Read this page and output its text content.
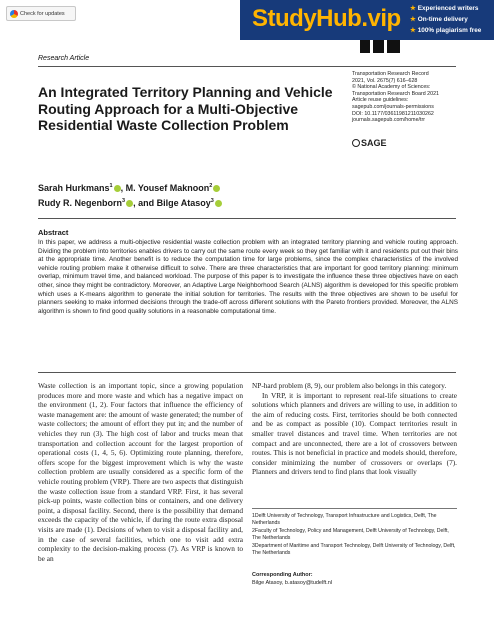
Check for updates	StudyHub.vip ★ Experienced writers
★ On-time delivery
★ 100% plagiarism free
Research Article
An Integrated Territory Planning and Vehicle Routing Approach for a Multi-Objective Residential Waste Collection Problem
Transportation Research Record
2021, Vol. 2675(7) 616–628
© National Academy of Sciences:
Transportation Research Board 2021
Article reuse guidelines:
sagepub.com/journals-permissions
DOI: 10.1177/03611981211030262
journals.sagepub.com/home/trr
SAGE
Sarah Hurkmans$^1$ , M. Yousef Maknoon$^2$
Rudy R. Negenborn$^3$ , and Bilge Atasoy$^3$
Abstract
In this paper, we address a multi-objective residential waste collection problem with an integrated territory planning and vehicle routing approach. Dividing the problem into territories enables drivers to carry out the same route every week so they get familiar with it and residents put out their bins at the appropriate time. Another benefit is to reduce the computation time for large problems, since the complex characteristics of the involved vehicle routing problem make it otherwise difficult to solve. There are three characteristics that are important for good territory planning: minimum overlap, minimum travel time, and balanced workload. The purpose of this paper is to investigate the influence these three objectives have on each other, since they might be contradictory. Moreover, an Adaptive Large Neighborhood Search (ALNS) algorithm is developed for this specific problem which uses a K-means algorithm to generate the initial solution for territories. The results with the three objectives are shown to be useful for planners seeking to make informed decisions through the trade-off across different solutions with the Pareto frontiers provided. Moreover, the ALNS algorithm is shown to find good quality solutions in a reasonable computational time.

Waste collection is an important topic, since a growing population produces more and more waste and which has a negative impact on the environment (1, 2). Four factors that influence the efficiency of waste management are: the amount of waste generated; the number of waste collectors; the amount of effort they put in; and the number of vehicles they run (3). The high cost of labor and trucks mean that transportation and collection account for the largest proportion of operational costs (1, 4, 5, 6). Optimizing route planning, therefore, offers scope for the biggest improvement which is why the waste collection problem are usually considered as a specific form of the vehicle routing problem (VRP). There are two aspects that distinguish the waste collection issue from a standard VRP. First, it has several pick-up points, waste collection bins or containers, and one delivery point, a disposal facility. Second, there is the possibility that demand exceeds the capacity of the vehicle, if during the route extra disposal visits are made (1). Decisions of when to visit a disposal facility and, in the case of several facilities, which one to visit add extra complexity to the decision-making process (7). As VRP is known to be an

NP-hard problem (8, 9), our problem also belongs in this category.

In VRP, it is important to represent real-life situations to create solutions which planners and drivers are willing to use, in addition to the aim of reducing costs. First, territories should be both connected and be as compact as possible (10). Compact territories result in smaller travel distances and travel time. When territories are not compact and are unconnected, there are a lot of crossovers between routes. This is not beneficial in practice and models should, therefore, consider minimizing the number of crossovers or overlaps (7). Planners and drivers tend to find plans that look visually

1Delft University of Technology, Transport Infrastructure and Logistics, Delft, The Netherlands
2Faculty of Technology, Policy and Management, Delft University of Technology, Delft, The Netherlands
3Department of Maritime and Transport Technology, Delft University of Technology, Delft, The Netherlands
Corresponding Author:
Bilge Atasoy, b.atasoy@tudelft.nl
